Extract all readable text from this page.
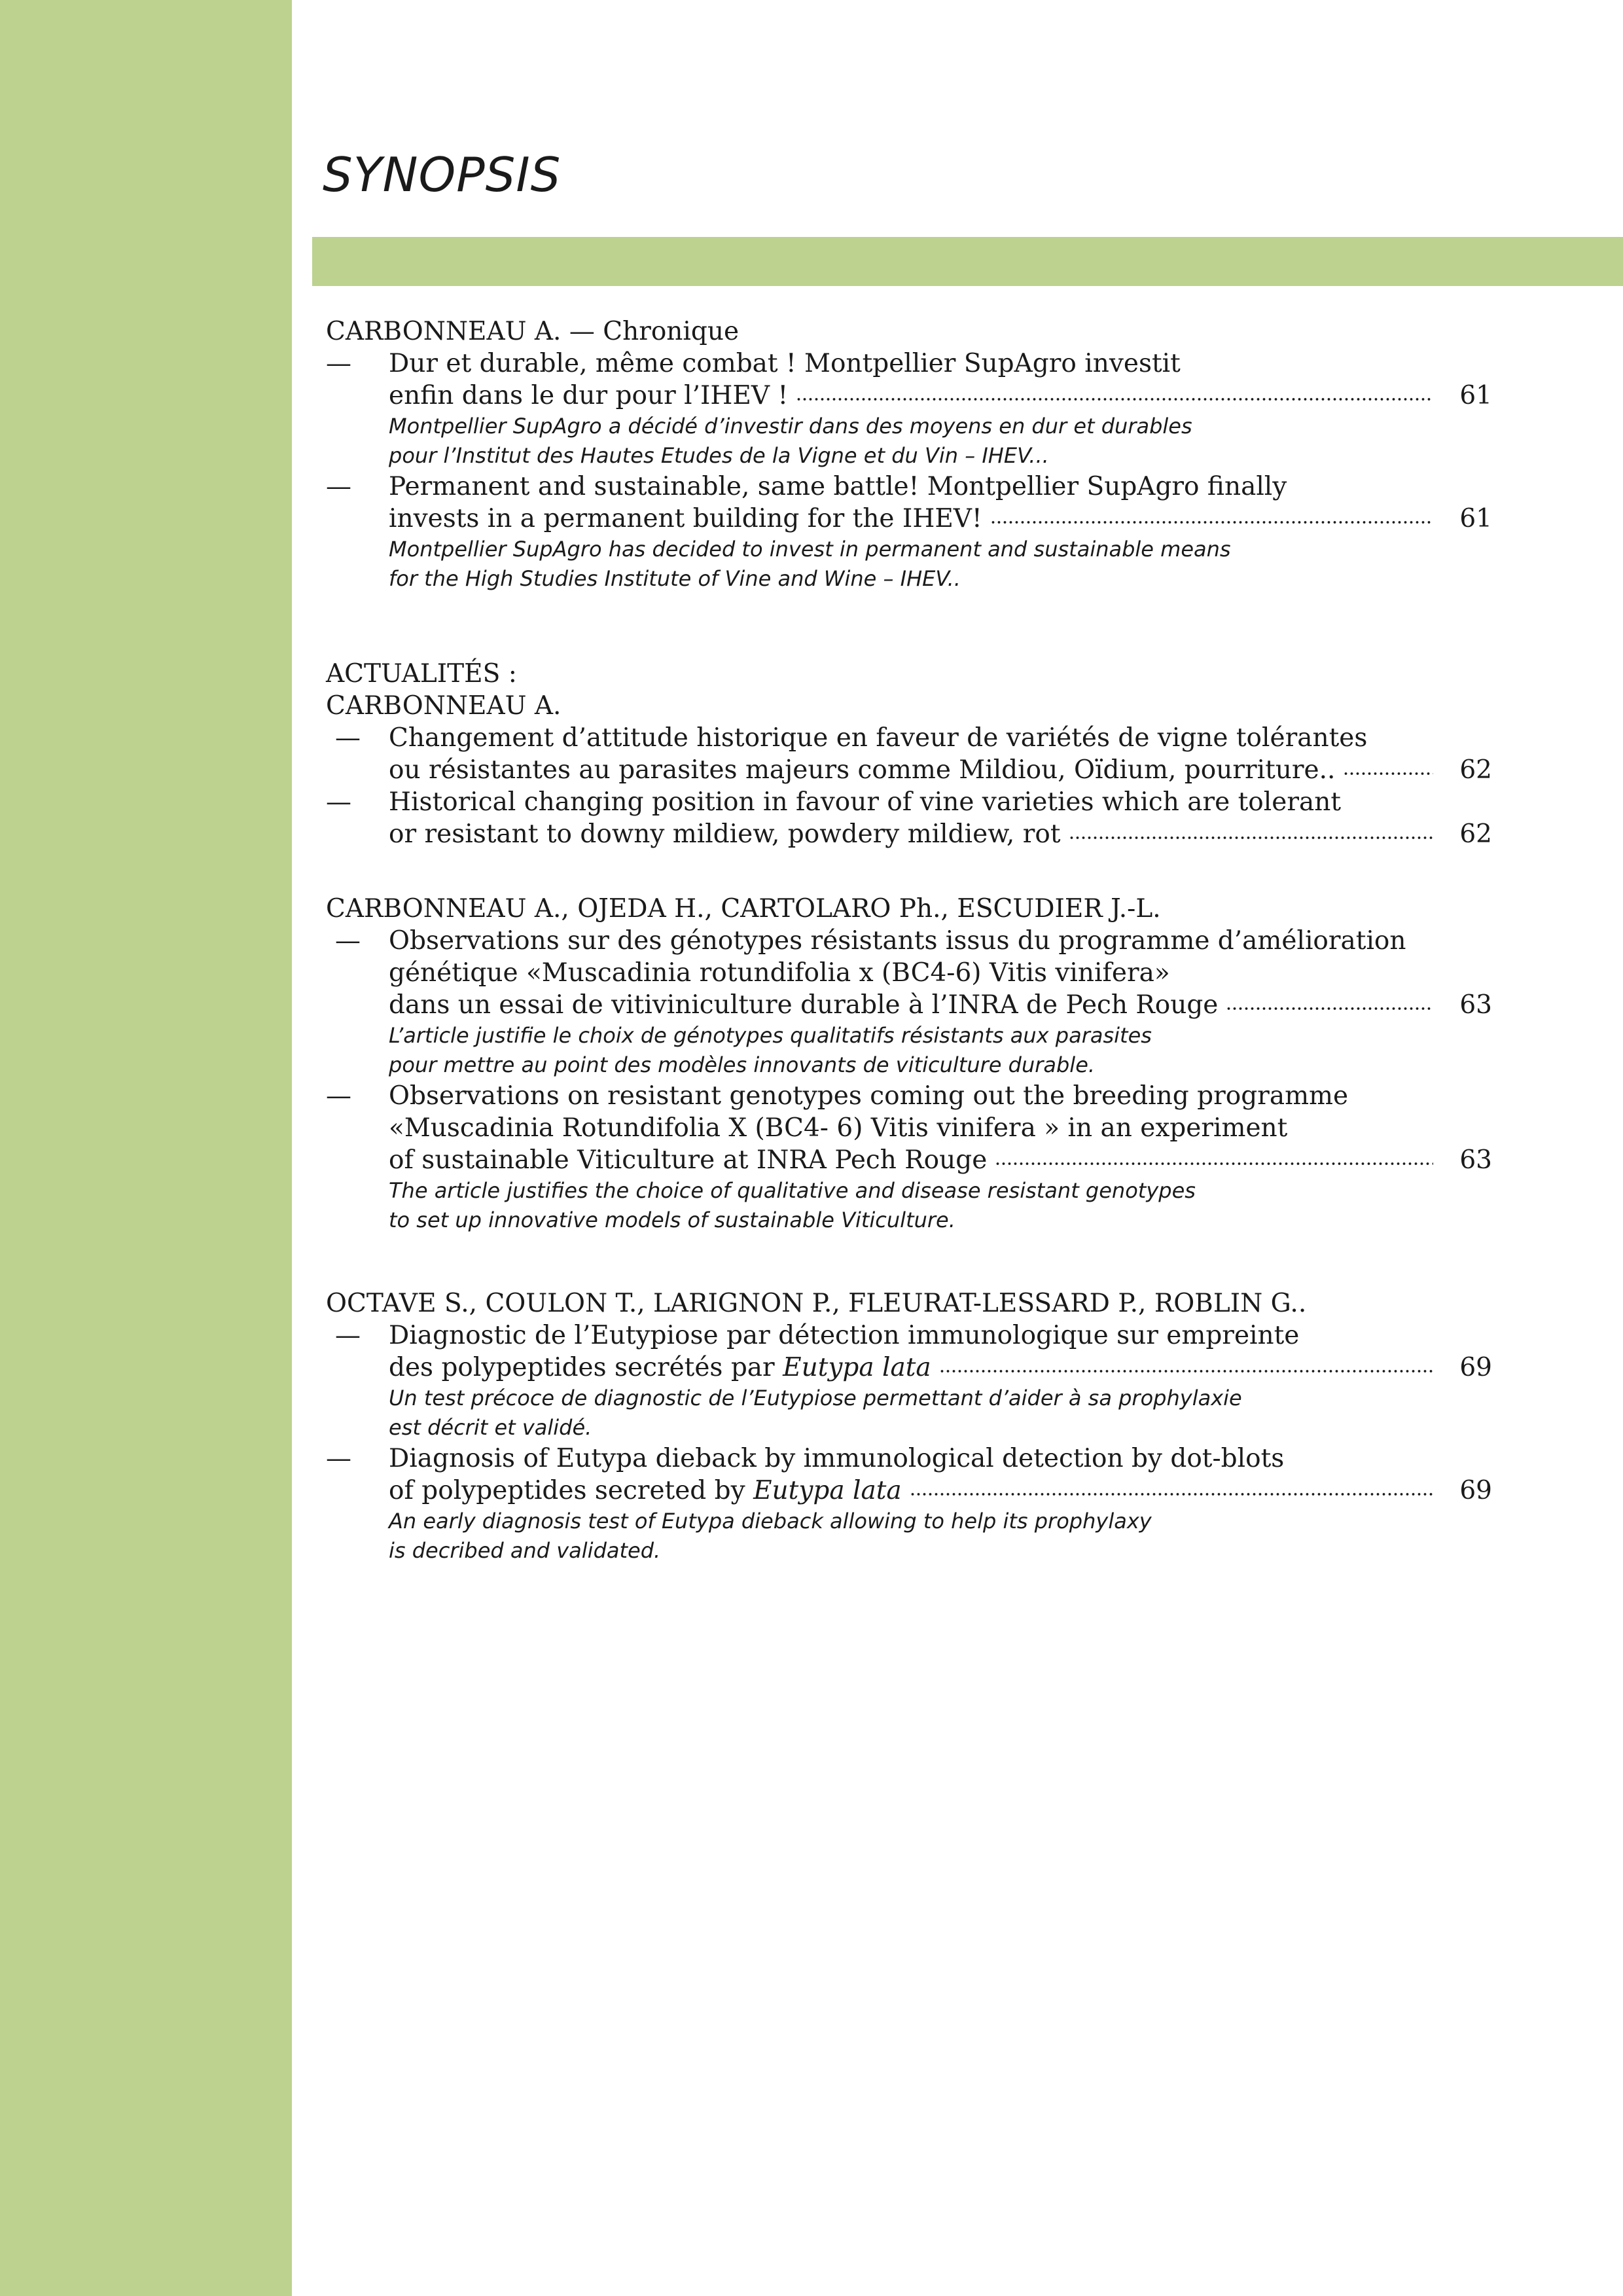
SYNOPSIS
CARBONNEAU A. — Chronique
— Dur et durable, même combat ! Montpellier SupAgro investit
enfin dans le dur pour l’IHEV !	61
Montpellier SupAgro a décidé d’investir dans des moyens en dur et durables
pour l’Institut des Hautes Etudes de la Vigne et du Vin – IHEV...
— Permanent and sustainable, same battle! Montpellier SupAgro finally
invests in a permanent building for the IHEV!	61
Montpellier SupAgro has decided to invest in permanent and sustainable means
for the High Studies Institute of Vine and Wine – IHEV..
ACTUALITÉS :
CARBONNEAU A.
— Changement d’attitude historique en faveur de variétés de vigne tolérantes
ou résistantes au parasites majeurs comme Mildiou, Oïdium, pourriture..	62
— Historical changing position in favour of vine varieties which are tolerant
or resistant to downy mildiew, powdery mildiew, rot	62
CARBONNEAU A., OJEDA H., CARTOLARO Ph., ESCUDIER J.-L.
— Observations sur des génotypes résistants issus du programme d’amélioration
génétique «Muscadinia rotundifolia x (BC4-6) Vitis vinifera»
dans un essai de vitiviniculture durable à l’INRA de Pech Rouge	63
L’article justifie le choix de génotypes qualitatifs résistants aux parasites
pour mettre au point des modèles innovants de viticulture durable.
— Observations on resistant genotypes coming out the breeding programme
«Muscadinia Rotundifolia X (BC4- 6) Vitis vinifera » in an experiment
of sustainable Viticulture at INRA Pech Rouge	63
The article justifies the choice of qualitative and disease resistant genotypes
to set up innovative models of sustainable Viticulture.
OCTAVE S., COULON T., LARIGNON P., FLEURAT-LESSARD P., ROBLIN G..
— Diagnostic de l’Eutypiose par détection immunologique sur empreinte
des polypeptides secrétés par
Eutypa lata	69
Un test précoce de diagnostic de l’Eutypiose permettant d’aider à sa prophylaxie
est décrit et validé.
— Diagnosis of Eutypa dieback by immunological detection by dot-blots
of polypeptides secreted by
Eutypa lata	69
An early diagnosis test of Eutypa dieback allowing to help its prophylaxy
is decribed and validated.
